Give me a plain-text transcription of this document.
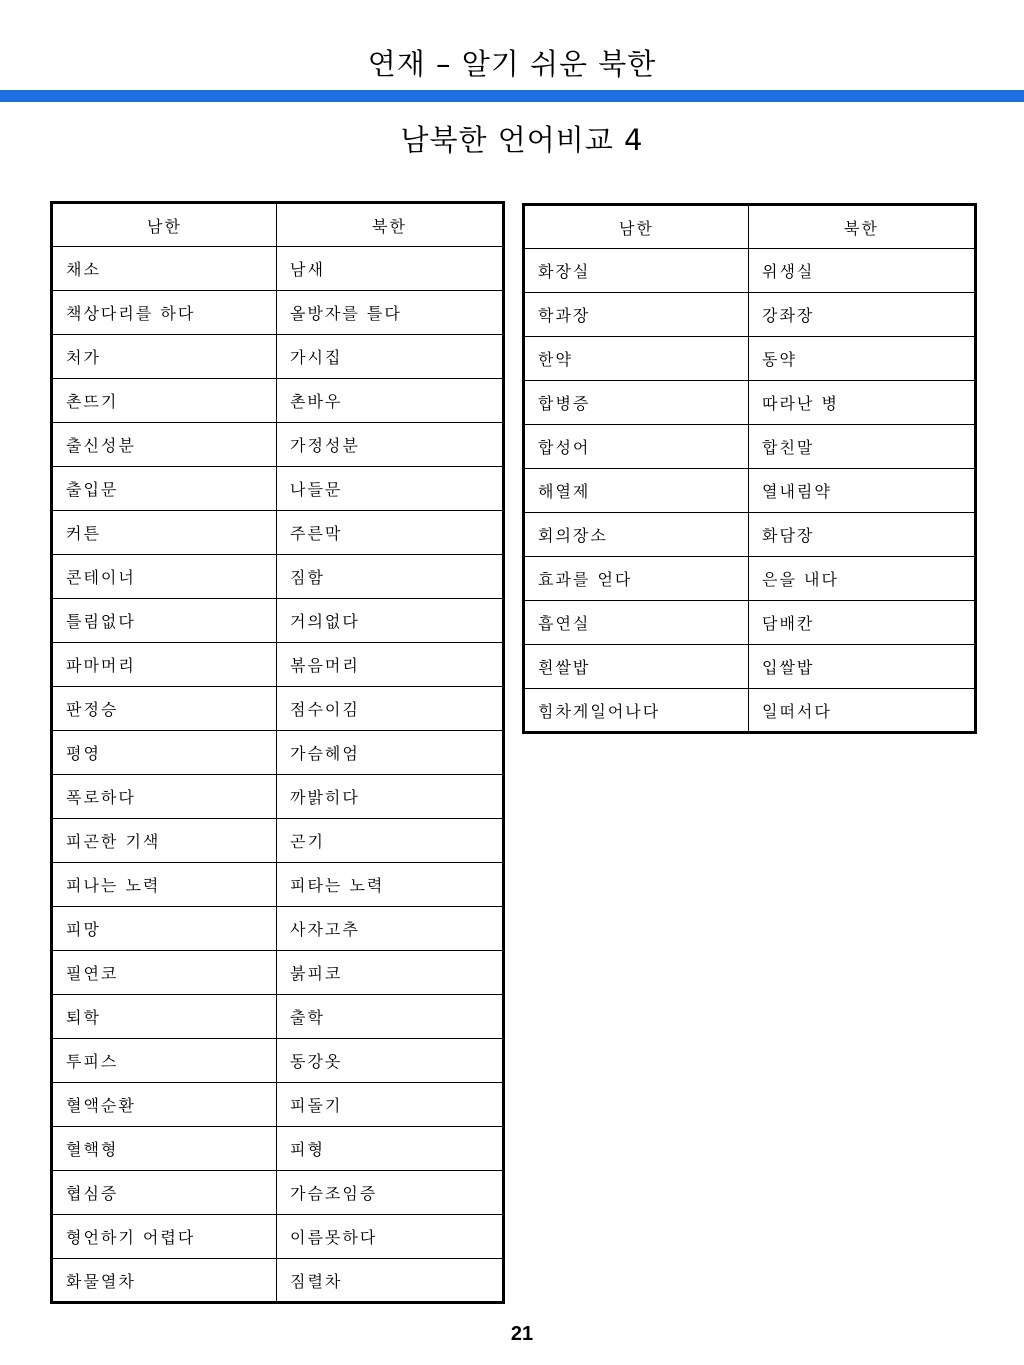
연재 – 알기 쉬운 북한
남북한 언어비교 4
남한	북한
채소	남새
책상다리를 하다	올방자를 틀다
처가	가시집
촌뜨기	촌바우
출신성분	가정성분
출입문	나들문
커튼	주른막
콘테이너	짐함
틀림없다	거의없다
파마머리	볶음머리
판정승	점수이김
평영	가슴헤엄
폭로하다	까밝히다
피곤한 기색	곤기
피나는 노력	피타는 노력
피망	사자고추
필연코	붉피코
퇴학	출학
투피스	동강옷
혈액순환	피돌기
혈핵형	피형
협심증	가슴조임증
형언하기 어렵다	이름못하다
화물열차	짐렬차
남한	북한
화장실	위생실
학과장	강좌장
한약	동약
합병증	따라난 병
합성어	합친말
해열제	열내림약
회의장소	화담장
효과를 얻다	은을 내다
흡연실	담배칸
흰쌀밥	입쌀밥
힘차게일어나다	일떠서다
21
